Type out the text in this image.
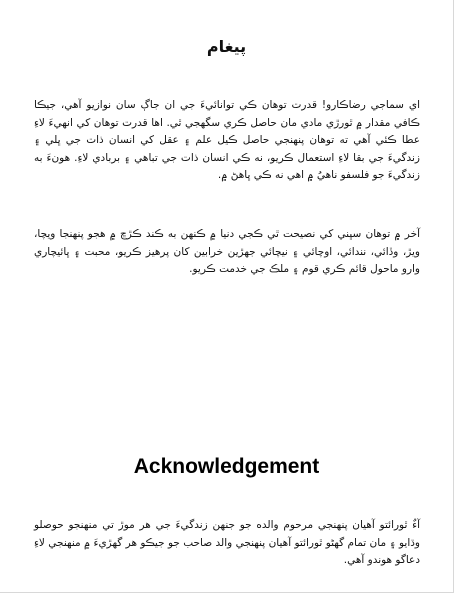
پيغام

اي سماجي رضاڪارو! قدرت توهان ڪي توانائيءَ جي ان جاڳ سان نوازيو آهي، جيڪا ڪافي مقدار ۾ ٿورڙي مادي مان حاصل ڪري سگهجي ٿي. اها قدرت توهان کي انهيءَ لاءِ عطا ڪئي آهي ته توهان پنهنجي حاصل ڪيل علم ۽ عقل کي انسان ذات جي ڀلي ۽ زندگيءَ جي بقا لاءِ استعمال ڪريو، نه ڪي انسان ذات جي تباهي ۽ بربادي لاءِ. هونءَ به زندگيءَ جو فلسفو ناهيُ ۾ اهي نه ڪي ڀاهڻ ۾.

آخر ۾ توهان سڀني کي نصيحت ٿي ڪجي دنيا ۾ ڪنهن به ڪند ڪڙڇ ۾ هجو پنهنجا ويچا، ويڙ، وڏائي، نندائي، اوچائي ۽ نيچائي جهڙين خرابين کان پرهيز ڪريو، محبت ۽ ڀائيچاري وارو ماحول قائم ڪري قوم ۽ ملڪ جي خدمت ڪريو.

Acknowledgement

آءٌ ٿورائتو آهيان پنهنجي مرحوم والده جو جنهن زندگيءَ جي هر موڙ تي منهنجو حوصلو وڌايو ۽ مان تمام گهڻو ٿورائتو آهيان پنهنجي والد صاحب جو جيڪو هر گهڙيءَ ۾ منهنجي لاءِ دعاگو هوندو آهي.
